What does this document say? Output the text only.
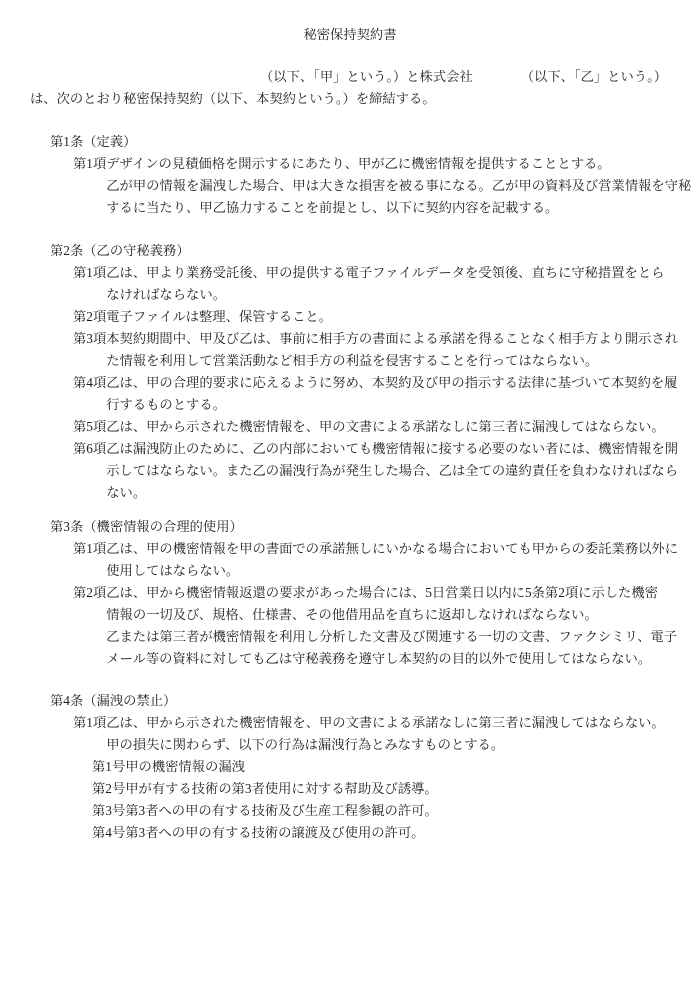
秘密保持契約書
（以下、「甲」という。）と株式会社	（以下、「乙」という。）
は、次のとおり秘密保持契約（以下、本契約という。）を締結する。
第1条（定義）
第1項 デザインの見積価格を開示するにあたり、甲が乙に機密情報を提供することとする。
乙が甲の情報を漏洩した場合、甲は大きな損害を被る事になる。乙が甲の資料及び営業情報を守秘
するに当たり、甲乙協力することを前提とし、以下に契約内容を記載する。
第2条（乙の守秘義務）
第1項 乙は、甲より業務受託後、甲の提供する電子ファイルデータを受領後、直ちに守秘措置をとら
なければならない。
第2項 電子ファイルは整理、保管すること。
第3項 本契約期間中、甲及び乙は、事前に相手方の書面による承諾を得ることなく相手方より開示され
た情報を利用して営業活動など相手方の利益を侵害することを行ってはならない。
第4項 乙は、甲の合理的要求に応えるように努め、本契約及び甲の指示する法律に基づいて本契約を履
行するものとする。
第5項 乙は、甲から示された機密情報を、甲の文書による承諾なしに第三者に漏洩してはならない。
第6項 乙は漏洩防止のために、乙の内部においても機密情報に接する必要のない者には、機密情報を開
示してはならない。また乙の漏洩行為が発生した場合、乙は全ての違約責任を負わなければなら
ない。
第3条（機密情報の合理的使用）
第1項 乙は、甲の機密情報を甲の書面での承諾無しにいかなる場合においても甲からの委託業務以外に
使用してはならない。
第2項 乙は、甲から機密情報返還の要求があった場合には、5日営業日以内に5条第2項に示した機密
情報の一切及び、規格、仕様書、その他借用品を直ちに返却しなければならない。
乙または第三者が機密情報を利用し分析した文書及び関連する一切の文書、ファクシミリ、電子
メール等の資料に対しても乙は守秘義務を遵守し本契約の目的以外で使用してはならない。
第4条（漏洩の禁止）
第1項 乙は、甲から示された機密情報を、甲の文書による承諾なしに第三者に漏洩してはならない。
甲の損失に関わらず、以下の行為は漏洩行為とみなすものとする。
第1号 甲の機密情報の漏洩
第2号 甲が有する技術の第3者使用に対する幇助及び誘導。
第3号 第3者への甲の有する技術及び生産工程参観の許可。
第4号 第3者への甲の有する技術の譲渡及び使用の許可。
